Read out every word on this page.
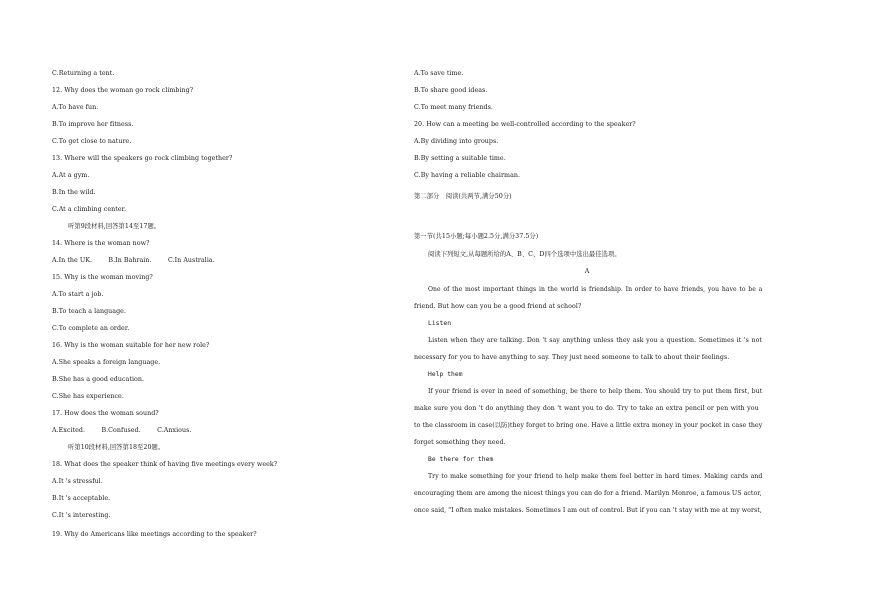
C.Returning a tent.
12. Why does the woman go rock climbing?
A.To have fun.
B.To improve her fitness.
C.To get close to nature.
13. Where will the speakers go rock climbing together?
A.At a gym.
B.In the wild.
C.At a climbing center.
听第9段材料,回答第14至17题。
14. Where is the woman now?
A.In the UK.        B.In Bahrain.        C.In Australia.
15. Why is the woman moving?
A.To start a job.
B.To teach a language.
C.To complete an order.
16. Why is the woman suitable for her new role?
A.She speaks a foreign language.
B.She has a good education.
C.She has experience.
17. How does the woman sound?
A.Excited.        B.Confused.        C.Anxious.
听第10段材料,回答第18至20题。
18. What does the speaker think of having five meetings every week?
A.It 's stressful.
B.It 's acceptable.
C.It 's interesting.
19. Why do Americans like meetings according to the speaker?
A.To save time.
B.To share good ideas.
C.To meet many friends.
20. How can a meeting be well-controlled according to the speaker?
A.By dividing into groups.
B.By setting a suitable time.
C.By having a reliable chairman.
第二部分　阅读(共两节,满分50分)
第一节(共15小题;每小题2.5分,满分37.5分)
阅读下列短文,从每题所给的A、B、C、D四个选项中选出最佳选项。
A
One of the most important things in the world is friendship. In order to have friends, you have to be a
friend. But how can you be a good friend at school?
Listen
Listen when they are talking. Don 't say anything unless they ask you a question. Sometimes it 's not
necessary for you to have anything to say. They just need someone to talk to about their feelings.
Help them
If your friend is ever in need of something, be there to help them. You should try to put them first, but
make sure you don 't do anything they don 't want you to do. Try to take an extra pencil or pen with you
to the classroom in case(以防)they forget to bring one. Have a little extra money in your pocket in case they
forget something they need.
Be there for them
Try to make something for your friend to help make them feel better in hard times. Making cards and
encouraging them are among the nicest things you can do for a friend. Marilyn Monroe, a famous US actor,
once said, "I often make mistakes. Sometimes I am out of control. But if you can 't stay with me at my worst,
